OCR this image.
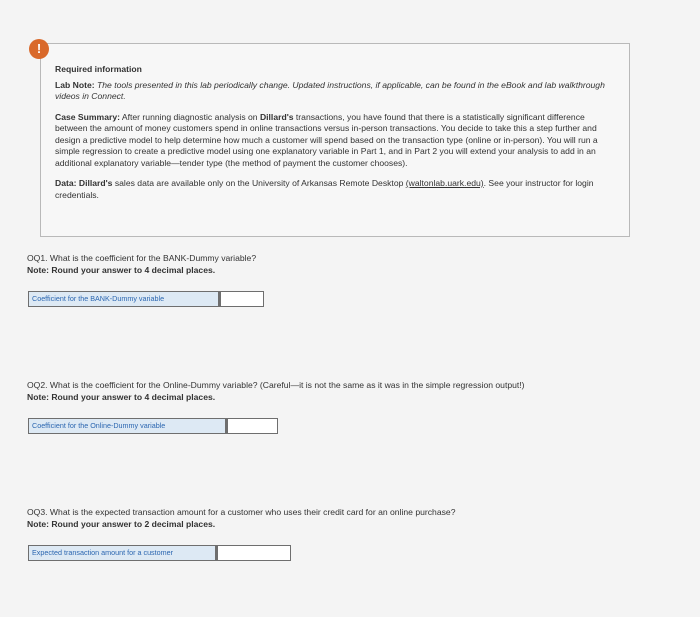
Required information

Lab Note: The tools presented in this lab periodically change. Updated instructions, if applicable, can be found in the eBook and lab walkthrough videos in Connect.

Case Summary: After running diagnostic analysis on Dillard's transactions, you have found that there is a statistically significant difference between the amount of money customers spend in online transactions versus in-person transactions. You decide to take this a step further and design a predictive model to help determine how much a customer will spend based on the transaction type (online or in-person). You will run a simple regression to create a predictive model using one explanatory variable in Part 1, and in Part 2 you will extend your analysis to add in an additional explanatory variable—tender type (the method of payment the customer chooses).

Data: Dillard's sales data are available only on the University of Arkansas Remote Desktop (waltonlab.uark.edu). See your instructor for login credentials.

!
OQ1. What is the coefficient for the BANK-Dummy variable?
Note: Round your answer to 4 decimal places.
Coefficient for the BANK-Dummy variable
OQ2. What is the coefficient for the Online-Dummy variable? (Careful—it is not the same as it was in the simple regression output!)
Note: Round your answer to 4 decimal places.
Coefficient for the Online-Dummy variable
OQ3. What is the expected transaction amount for a customer who uses their credit card for an online purchase?
Note: Round your answer to 2 decimal places.
Expected transaction amount for a customer
